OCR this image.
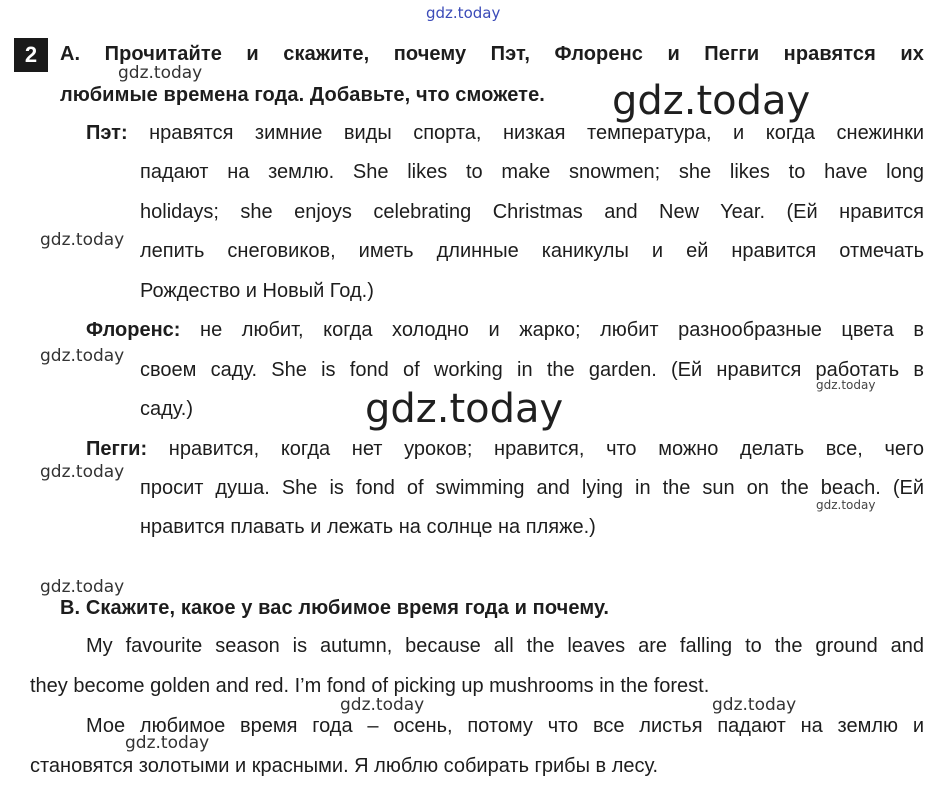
gdz.today
2	A. Прочитайте и скажите, почему Пэт, Флоренс и Пегги нравятся их
любимые времена года. Добавьте, что сможете.
Пэт: нравятся зимние виды спорта, низкая температура, и когда снежинки
падают на землю. She likes to make snowmen; she likes to have long
holidays; she enjoys celebrating Christmas and New Year. (Ей нравится
лепить снеговиков, иметь длинные каникулы и ей нравится отмечать
Рождество и Новый Год.)
Флоренс: не любит, когда холодно и жарко; любит разнообразные цвета в
своем саду. She is fond of working in the garden. (Ей нравится работать в
саду.)
Пегги: нравится, когда нет уроков; нравится, что можно делать все, чего
просит душа. She is fond of swimming and lying in the sun on the beach. (Ей
нравится плавать и лежать на солнце на пляже.)
B. Скажите, какое у вас любимое время года и почему.
My favourite season is autumn, because all the leaves are falling to the ground and
they become golden and red. I’m fond of picking up mushrooms in the forest.
Мое любимое время года – осень, потому что все листья падают на землю и
становятся золотыми и красными. Я люблю собирать грибы в лесу.
gdz.today
gdz.today
gdz.today
gdz.today
gdz.today
gdz.today
gdz.today
gdz.today
gdz.today
gdz.today	gdz.today
gdz.today
